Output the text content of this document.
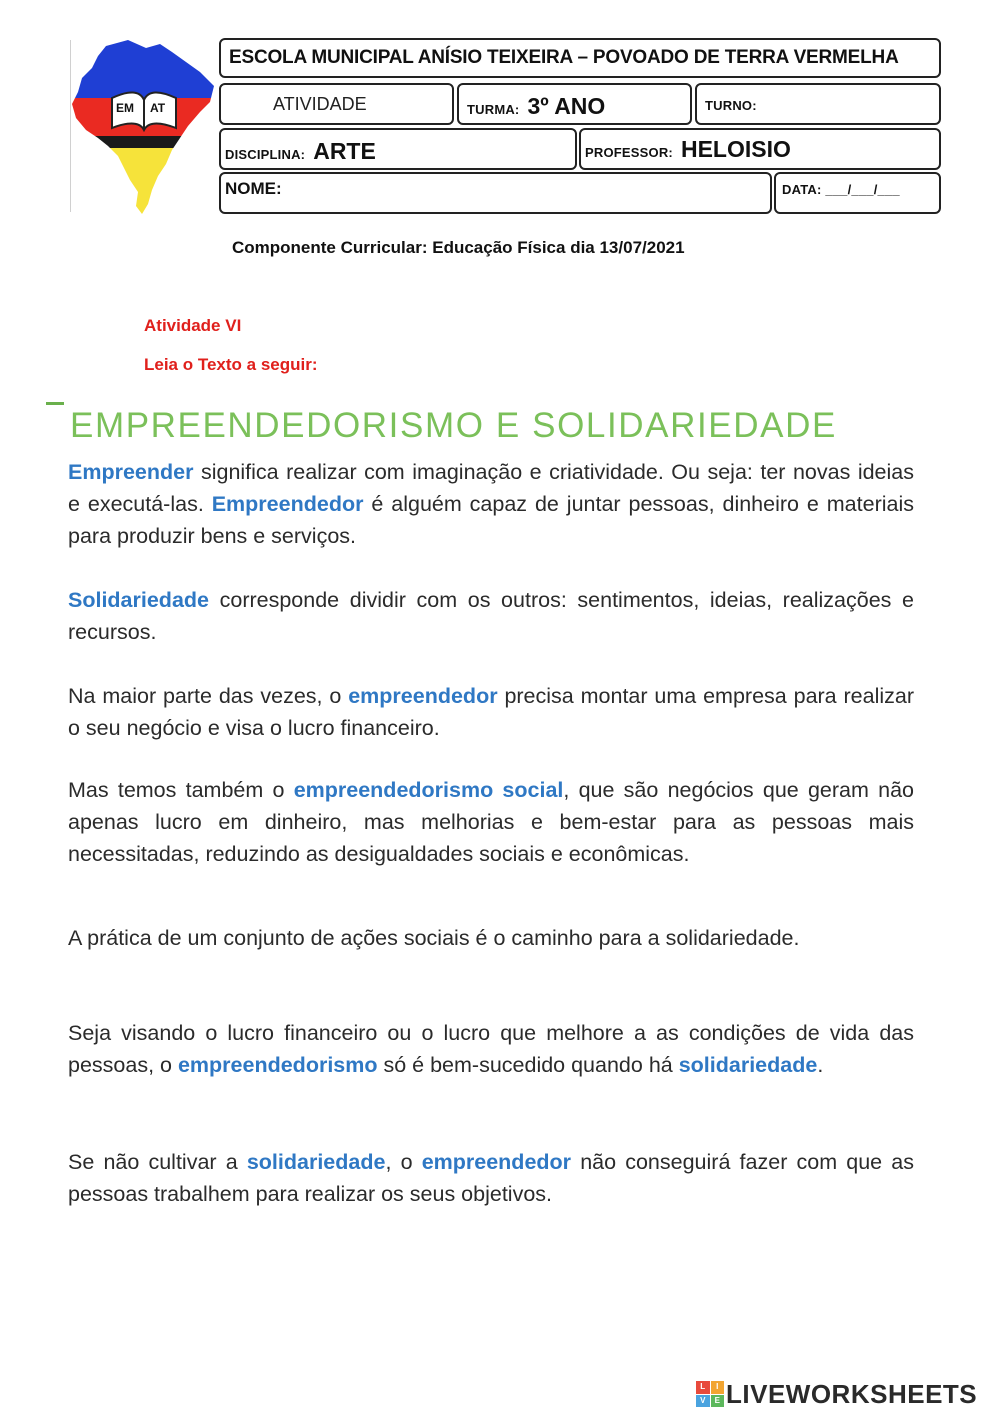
EM AT
ESCOLA MUNICIPAL ANÍSIO TEIXEIRA – POVOADO DE TERRA VERMELHA
ATIVIDADE	TURMA: 3º ANO	TURNO:
DISCIPLINA: ARTE	PROFESSOR: HELOISIO
NOME:	DATA: ___/___/___
Componente Curricular: Educação Física dia 13/07/2021
Atividade VI
Leia o Texto a seguir:
EMPREENDEDORISMO E SOLIDARIEDADE

Empreender significa realizar com imaginação e criatividade. Ou seja: ter novas ideias e executá-las. Empreendedor é alguém capaz de juntar pessoas, dinheiro e materiais para produzir bens e serviços.

Solidariedade corresponde dividir com os outros: sentimentos, ideias, realizações e recursos.

Na maior parte das vezes, o empreendedor precisa montar uma empresa para realizar o seu negócio e visa o lucro financeiro.

Mas temos também o empreendedorismo social, que são negócios que geram não apenas lucro em dinheiro, mas melhorias e bem-estar para as pessoas mais necessitadas, reduzindo as desigualdades sociais e econômicas.

A prática de um conjunto de ações sociais é o caminho para a solidariedade.

Seja visando o lucro financeiro ou o lucro que melhore a as condições de vida das pessoas, o empreendedorismo só é bem-sucedido quando há solidariedade.

Se não cultivar a solidariedade, o empreendedor não conseguirá fazer com que as pessoas trabalhem para realizar os seus objetivos.

L	I
V	E LIVEWORKSHEETS
